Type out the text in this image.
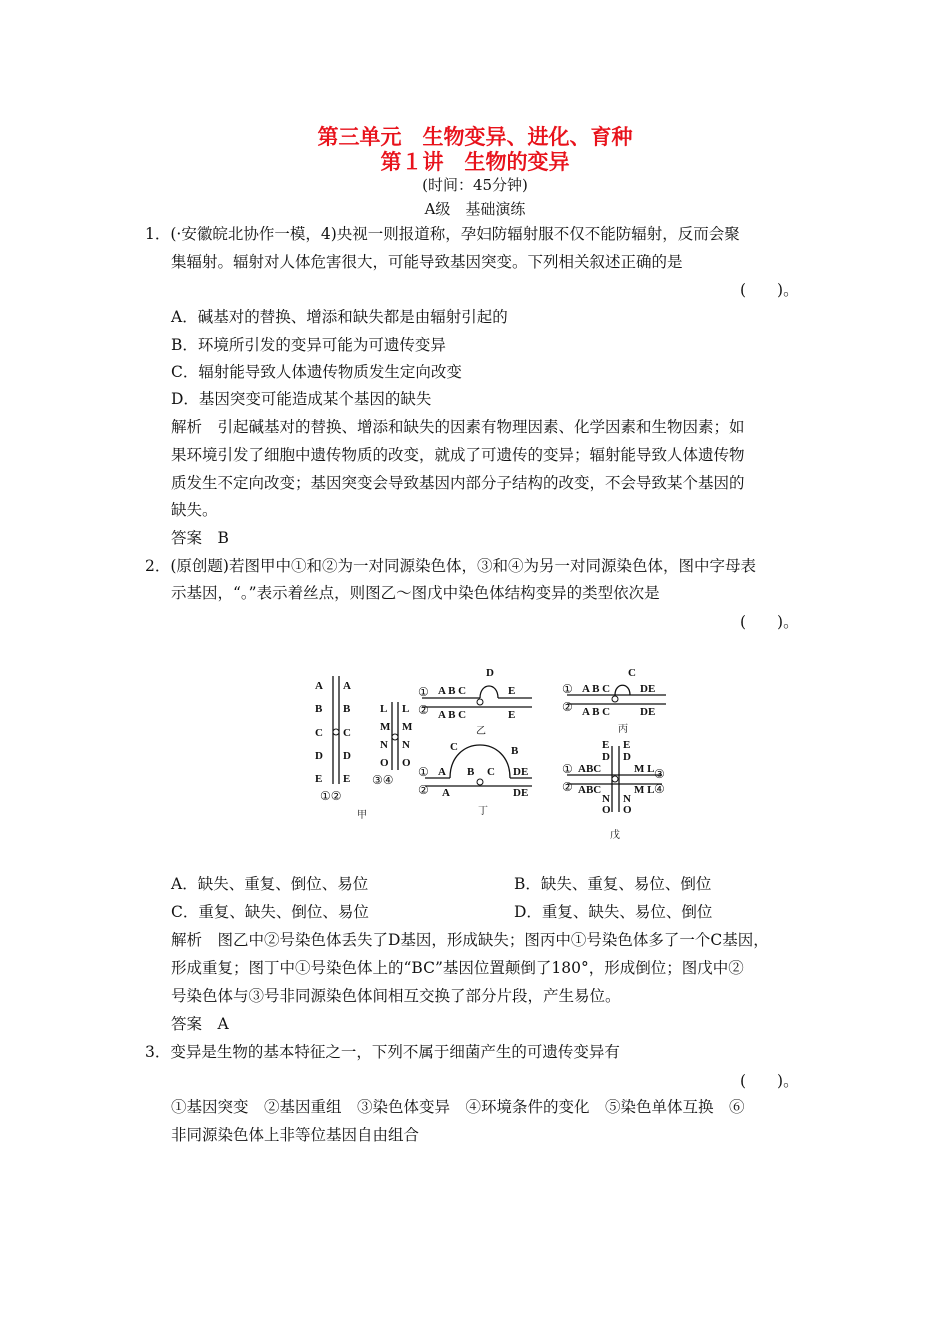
第三单元　生物变异、进化、育种
第１讲　生物的变异
(时间：45分钟)
A级　基础演练
1．(·安徽皖北协作一模，4)央视一则报道称，孕妇防辐射服不仅不能防辐射，反而会聚
集辐射。辐射对人体危害很大，可能导致基因突变。下列相关叙述正确的是
(　　)。
A．碱基对的替换、增添和缺失都是由辐射引起的
B．环境所引发的变异可能为可遗传变异
C．辐射能导致人体遗传物质发生定向改变
D．基因突变可能造成某个基因的缺失
解析　引起碱基对的替换、增添和缺失的因素有物理因素、化学因素和生物因素；如
果环境引发了细胞中遗传物质的改变，就成了可遗传的变异；辐射能导致人体遗传物
质发生不定向改变；基因突变会导致基因内部分子结构的改变，不会导致某个基因的
缺失。
答案　B
2．(原创题)若图甲中①和②为一对同源染色体，③和④为另一对同源染色体，图中字母表
示基因，“。”表示着丝点，则图乙～图戊中染色体结构变异的类型依次是
(　　)。
A
B
C
D
E
A
B
C
D
E
①②
甲
L
M
N
O
L
M
N
O
③④
①
②
A B C
D
E
A B C	E
乙
①
②
A B C
C
DE
A B C	DE
丙
①
②
A
C
B C
B
DE
A	DE
丁
①
②
ABC
ABC
E
D
E
D
M L
M L
N
O
N
O
③
④
戊
A．缺失、重复、倒位、易位	B．缺失、重复、易位、倒位
C．重复、缺失、倒位、易位	D．重复、缺失、易位、倒位
解析　图乙中②号染色体丢失了D基因，形成缺失；图丙中①号染色体多了一个C基因，
形成重复；图丁中①号染色体上的“BC”基因位置颠倒了180°，形成倒位；图戊中②
号染色体与③号非同源染色体间相互交换了部分片段，产生易位。
答案　A
3．变异是生物的基本特征之一，下列不属于细菌产生的可遗传变异有
(　　)。
①基因突变　②基因重组　③染色体变异　④环境条件的变化　⑤染色单体互换　⑥
非同源染色体上非等位基因自由组合
